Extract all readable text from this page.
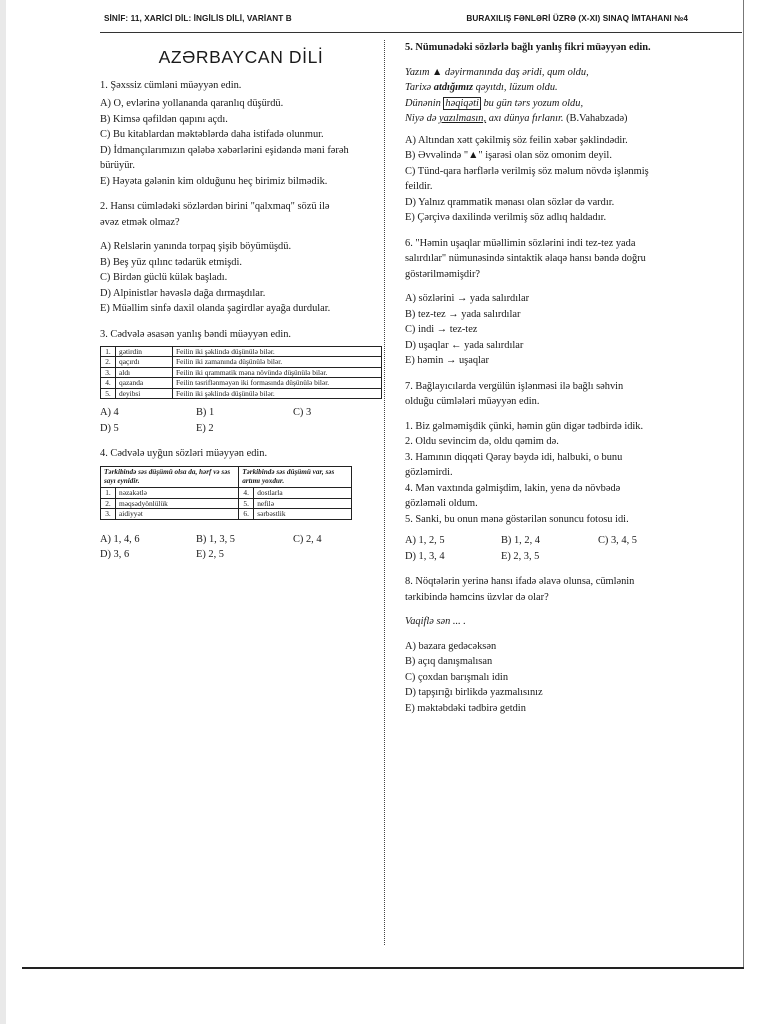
SİNİF: 11, XARİCİ DİL: İNGİLİS DİLİ, VARİANT B	BURAXILIŞ FƏNLƏRİ ÜZRƏ (X-XI) SINAQ İMTAHANI №4
AZƏRBAYCAN DİLİ

1. Şəxssiz cümləni müəyyən edin.

A) O, evlərinə yollananda qaranlıq düşürdü.

B) Kimsə qəfildən qapını açdı.

C) Bu kitablardan məktəblərdə daha istifadə olunmur.

D) İdmançılarımızın qələbə xəbərlərini eşidəndə məni fərəh

bürüyür.

E) Həyəta gələnin kim olduğunu heç birimiz bilmədik.

2. Hansı cümlədəki sözlərdən birini "qalxmaq" sözü ilə

əvəz etmək olmaz?

A) Relslərin yanında torpaq şişib böyümüşdü.

B) Beş yüz qılınc tədarük etmişdi.

C) Birdən güclü külək başladı.

D) Alpinistlər həvəslə dağa dırmaşdılar.

E) Müəllim sinfə daxil olanda şagirdlər ayağa durdular.

3. Cədvələ əsasən yanlış bəndi müəyyən edin.

1.	gətirdin	Feilin iki şəklində düşünülə bilər.
2.	qaçırdı	Feilin iki zamanında düşünülə bilər.
3.	aldı	Feilin iki qrammatik məna növündə düşünülə bilər.
4.	qazanda	Feilin təsriflənməyən iki formasında düşünülə bilər.
5.	deyibsi	Feilin iki şəklində düşünülə bilər.
A) 4	B) 1	C) 3
D) 5	E) 2

4. Cədvələ uyğun sözləri müəyyən edin.

Tərkibində səs düşümü olsa da, hərf və səs sayı eynidir.		Tərkibində səs düşümü var, səs artımı yoxdur.	
1.	nəzakətlə	4.	dostlarla
2.	məqsədyönlülük	5.	nefilə
3.	aidiyyət	6.	sərbəstlik
A) 1, 4, 6	B) 1, 3, 5	C) 2, 4
D) 3, 6	E) 2, 5

5. Nümunədəki sözlərlə bağlı yanlış fikri müəyyən edin.

Yazım ▲ dəyirmanında daş əridi, qum oldu,

Tarixə atdığımız qəyıtdı, lüzum oldu.

Dünənin həqiqəti bu gün tərs yozum oldu,

Niyə də yazılmasın, axı dünya fırlanır. (B.Vahabzadə)

A) Altından xətt çəkilmiş söz feilin xəbər şəklindədir.

B) Əvvəlində "▲" işarəsi olan söz omonim deyil.

C) Tünd-qara hərflərlə verilmiş söz məlum növdə işlənmiş

feildir.

D) Yalnız qrammatik mənası olan sözlər də vardır.

E) Çərçivə daxilində verilmiş söz adlıq haldadır.

6. "Həmin uşaqlar müəllimin sözlərini indi tez-tez yada

salırdılar" nümunəsində sintaktik əlaqə hansı bəndə doğru

göstərilməmişdir?

A) sözlərini → yada salırdılar

B) tez-tez → yada salırdılar

C) indi → tez-tez

D) uşaqlar ← yada salırdılar

E) həmin → uşaqlar

7. Bağlayıcılarda vergülün işlənməsi ilə bağlı səhvin

olduğu cümlələri müəyyən edin.

1. Biz gəlməmişdik çünki, həmin gün digər tədbirdə idik.

2. Oldu sevincim də, oldu qəmim də.

3. Hamının diqqəti Qəray bəydə idi, halbuki, o bunu

gözləmirdi.

4. Mən vaxtında gəlmişdim, lakin, yenə də növbədə

gözləməli oldum.

5. Sanki, bu onun mənə göstərilən sonuncu fotosu idi.

A) 1, 2, 5	B) 1, 2, 4	C) 3, 4, 5
D) 1, 3, 4	E) 2, 3, 5

8. Nöqtələrin yerinə hansı ifadə əlavə olunsa, cümlənin

tərkibində həmcins üzvlər də olar?

Vaqiflə sən ... .

A) bazara gedəcəksən

B) açıq danışmalısan

C) çoxdan barışmalı idin

D) tapşırığı birlikdə yazmalısınız

E) məktəbdəki tədbirə getdin
